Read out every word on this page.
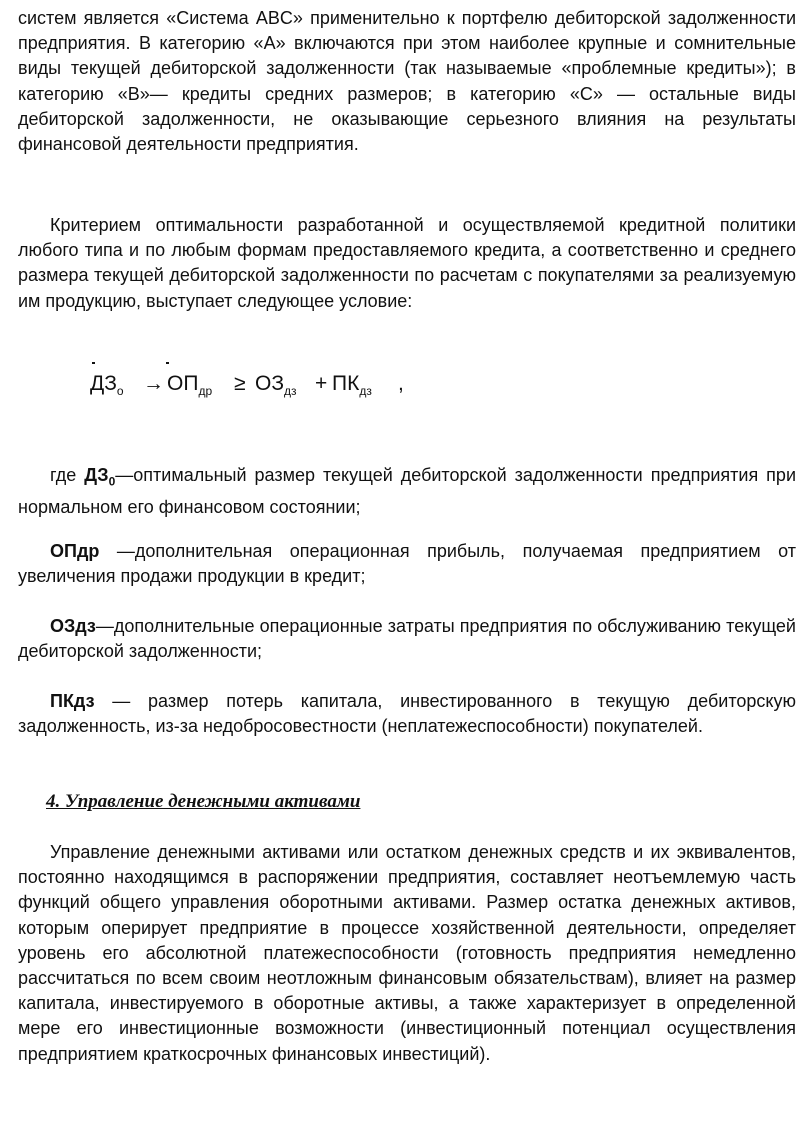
систем является «Система ABC» применительно к портфелю дебиторской задолженности предприятия. В категорию «А» включаются при этом наиболее крупные и сомнительные виды текущей дебиторской задолженности (так называемые «проблемные кредиты»); в категорию «В»— кредиты средних размеров; в категорию «С» — остальные виды дебиторской задолженности, не оказывающие серьезного влияния на результаты финансовой деятельности предприятия.

Критерием оптимальности разработанной и осуществляемой кредитной политики любого типа и по любым формам предоставляемого кредита, а соответственно и среднего размера текущей дебиторской задолженности по расчетам с покупателями за реализуемую им продукцию, выступает следующее условие:

$ДЗ_о \to ОП_{др} \ge ОЗ_{дз} + ПК_{дз}$ ,

где $ДЗ_0—оптимальный$ размер текущей дебиторской задолженности предприятия при нормальном его финансовом состоянии;

ОПдр —дополнительная операционная прибыль, получаемая предприятием от увеличения продажи продукции в кредит;

ОЗдз—дополнительные операционные затраты предприятия по обслуживанию текущей дебиторской задолженности;

ПКдз — размер потерь капитала, инвестированного в текущую дебиторскую задолженность, из-за недобросовестности (неплатежеспособности) покупателей.

4. Управление денежными активами

Управление денежными активами или остатком денежных средств и их эквивалентов, постоянно находящимся в распоряжении предприятия, составляет неотъемлемую часть функций общего управления оборотными активами. Размер остатка денежных активов, которым оперирует предприятие в процессе хозяйственной деятельности, определяет уровень его абсолютной платежеспособности (готовность предприятия немедленно рассчитаться по всем своим неотложным финансовым обязательствам), влияет на размер капитала, инвестируемого в оборотные активы, а также характеризует в определенной мере его инвестиционные возможности (инвестиционный потенциал осуществления предприятием краткосрочных финансовых инвестиций).
